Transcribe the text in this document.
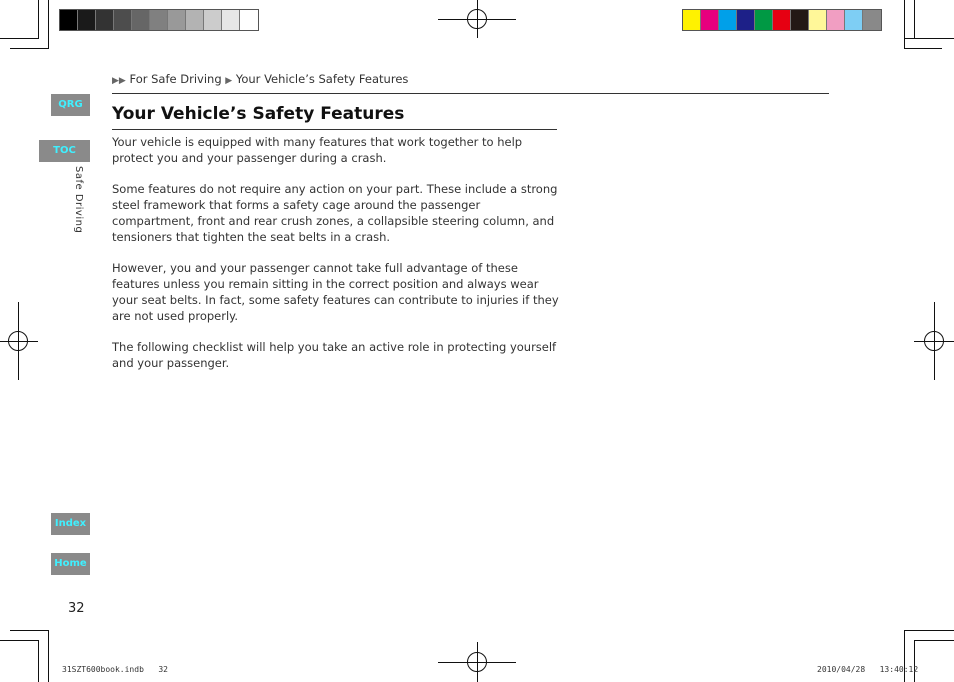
QRG
TOC
Index
Home
Safe Driving
▶▶ For Safe Driving ▶ Your Vehicle’s Safety Features
Your Vehicle’s Safety Features

Your vehicle is equipped with many features that work together to help protect you and your passenger during a crash.

Some features do not require any action on your part. These include a strong steel framework that forms a safety cage around the passenger compartment, front and rear crush zones, a collapsible steering column, and tensioners that tighten the seat belts in a crash.

However, you and your passenger cannot take full advantage of these features unless you remain sitting in the correct position and always wear your seat belts. In fact, some safety features can contribute to injuries if they are not used properly.

The following checklist will help you take an active role in protecting yourself and your passenger.

32
31SZT600book.indb   32	2010/04/28   13:40:12
